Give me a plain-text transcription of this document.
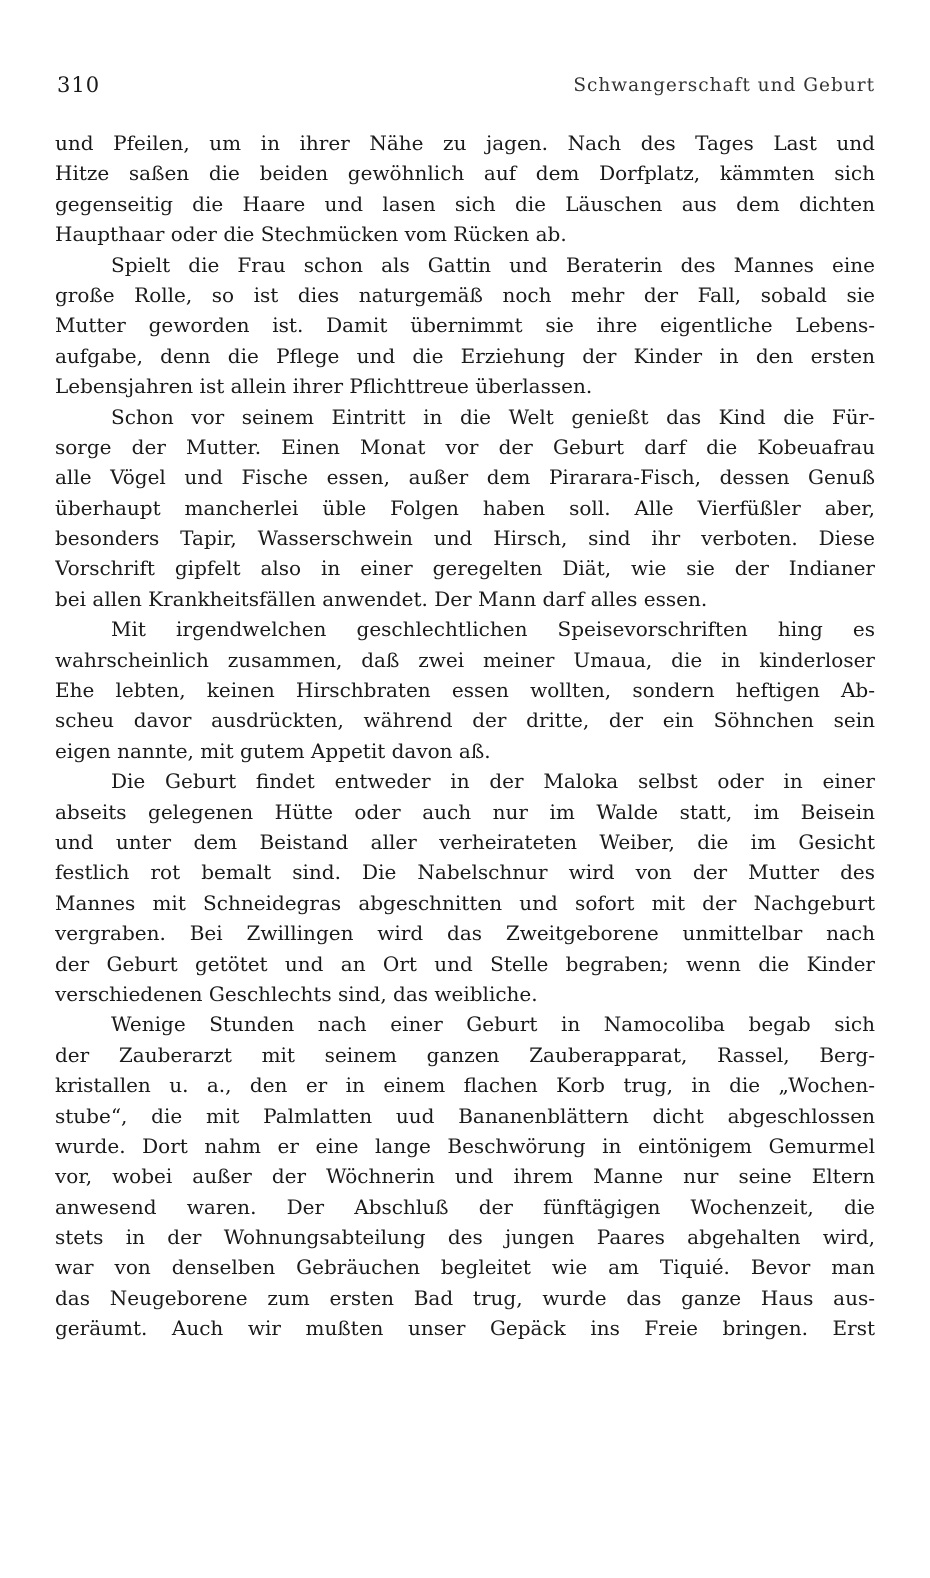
310	Schwangerschaft und Geburt
und Pfeilen, um in ihrer Nähe zu jagen. Nach des Tages Last und
Hitze saßen die beiden gewöhnlich auf dem Dorfplatz, kämmten sich
gegenseitig die Haare und lasen sich die Läuschen aus dem dichten
Haupthaar oder die Stechmücken vom Rücken ab.
Spielt die Frau schon als Gattin und Beraterin des Mannes eine
große Rolle, so ist dies naturgemäß noch mehr der Fall, sobald sie
Mutter geworden ist. Damit übernimmt sie ihre eigentliche Lebens-
aufgabe, denn die Pflege und die Erziehung der Kinder in den ersten
Lebensjahren ist allein ihrer Pflichttreue überlassen.
Schon vor seinem Eintritt in die Welt genießt das Kind die Für-
sorge der Mutter. Einen Monat vor der Geburt darf die Kobeuafrau
alle Vögel und Fische essen, außer dem Pirarara-Fisch, dessen Genuß
überhaupt mancherlei üble Folgen haben soll. Alle Vierfüßler aber,
besonders Tapir, Wasserschwein und Hirsch, sind ihr verboten. Diese
Vorschrift gipfelt also in einer geregelten Diät, wie sie der Indianer
bei allen Krankheitsfällen anwendet. Der Mann darf alles essen.
Mit irgendwelchen geschlechtlichen Speisevorschriften hing es
wahrscheinlich zusammen, daß zwei meiner Umaua, die in kinderloser
Ehe lebten, keinen Hirschbraten essen wollten, sondern heftigen Ab-
scheu davor ausdrückten, während der dritte, der ein Söhnchen sein
eigen nannte, mit gutem Appetit davon aß.
Die Geburt findet entweder in der Maloka selbst oder in einer
abseits gelegenen Hütte oder auch nur im Walde statt, im Beisein
und unter dem Beistand aller verheirateten Weiber, die im Gesicht
festlich rot bemalt sind. Die Nabelschnur wird von der Mutter des
Mannes mit Schneidegras abgeschnitten und sofort mit der Nachgeburt
vergraben. Bei Zwillingen wird das Zweitgeborene unmittelbar nach
der Geburt getötet und an Ort und Stelle begraben; wenn die Kinder
verschiedenen Geschlechts sind, das weibliche.
Wenige Stunden nach einer Geburt in Namocoliba begab sich
der Zauberarzt mit seinem ganzen Zauberapparat, Rassel, Berg-
kristallen u. a., den er in einem flachen Korb trug, in die „Wochen-
stube“, die mit Palmlatten uud Bananenblättern dicht abgeschlossen
wurde. Dort nahm er eine lange Beschwörung in eintönigem Gemurmel
vor, wobei außer der Wöchnerin und ihrem Manne nur seine Eltern
anwesend waren. Der Abschluß der fünftägigen Wochenzeit, die
stets in der Wohnungsabteilung des jungen Paares abgehalten wird,
war von denselben Gebräuchen begleitet wie am Tiquié. Bevor man
das Neugeborene zum ersten Bad trug, wurde das ganze Haus aus-
geräumt. Auch wir mußten unser Gepäck ins Freie bringen. Erst
